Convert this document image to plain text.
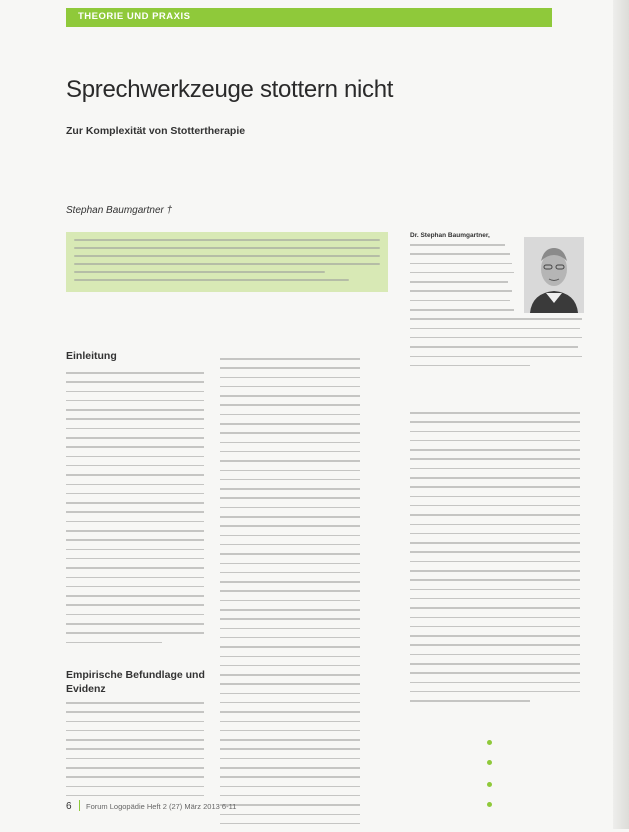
THEORIE UND PRAXIS
Sprechwerkzeuge stottern nicht
Zur Komplexität von Stottertherapie
Stephan Baumgartner †
Dr. Stephan Baumgartner,
Einleitung
Empirische Befundlage und Evidenz
6 Forum Logopädie Heft 2 (27) März 2013 6-11
